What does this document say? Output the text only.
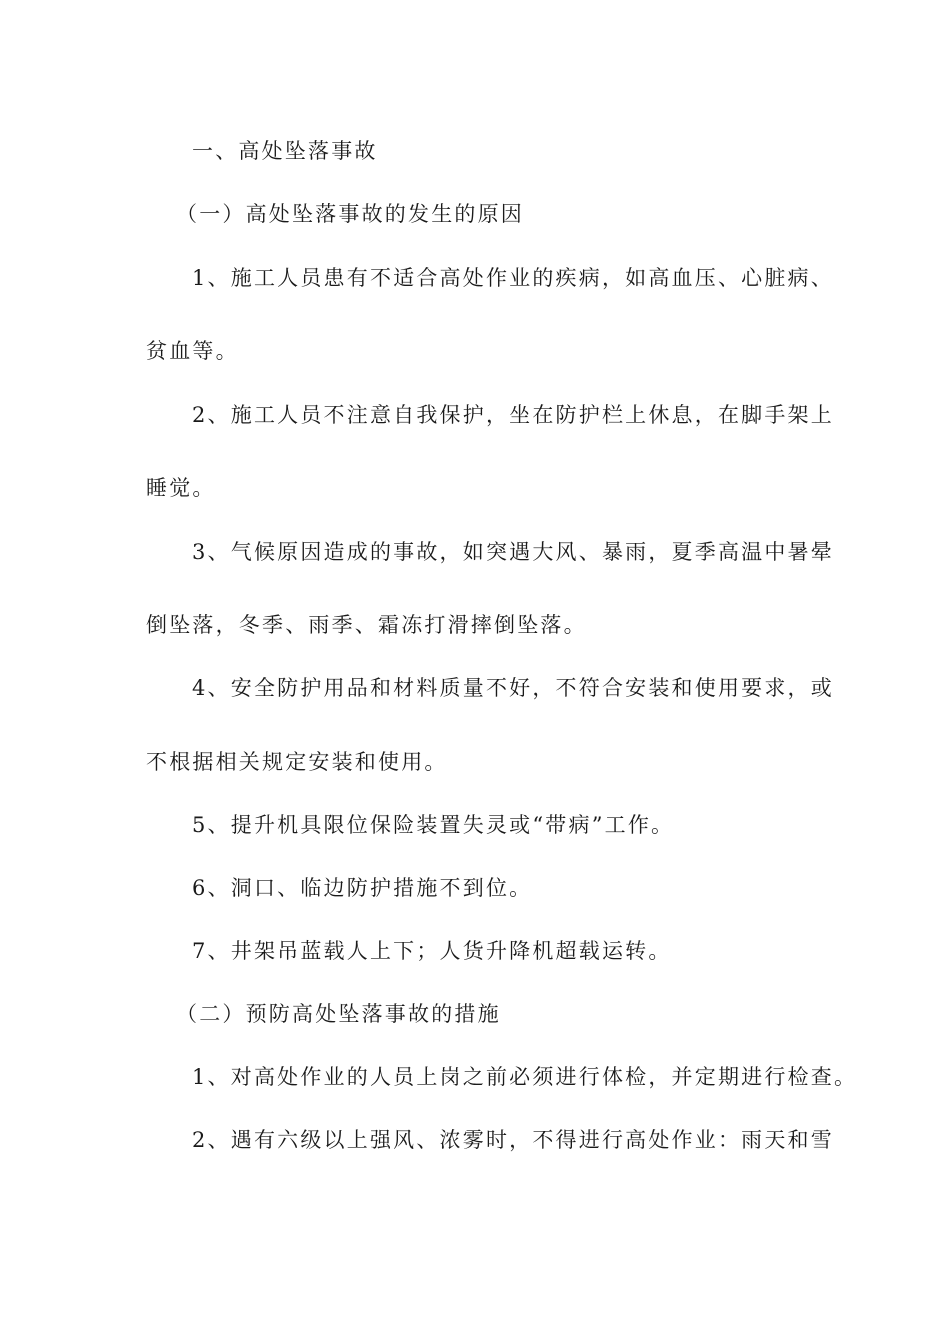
一、高处坠落事故
（一）高处坠落事故的发生的原因
1、施工人员患有不适合高处作业的疾病，如高血压、心脏病、
贫血等。
2、施工人员不注意自我保护，坐在防护栏上休息，在脚手架上
睡觉。
3、气候原因造成的事故，如突遇大风、暴雨，夏季高温中暑晕
倒坠落，冬季、雨季、霜冻打滑摔倒坠落。
4、安全防护用品和材料质量不好，不符合安装和使用要求，或
不根据相关规定安装和使用。
5、提升机具限位保险装置失灵或“带病”工作。
6、洞口、临边防护措施不到位。
7、井架吊蓝载人上下；人货升降机超载运转。
（二）预防高处坠落事故的措施
1、对高处作业的人员上岗之前必须进行体检，并定期进行检查。
2、遇有六级以上强风、浓雾时，不得进行高处作业：雨天和雪
